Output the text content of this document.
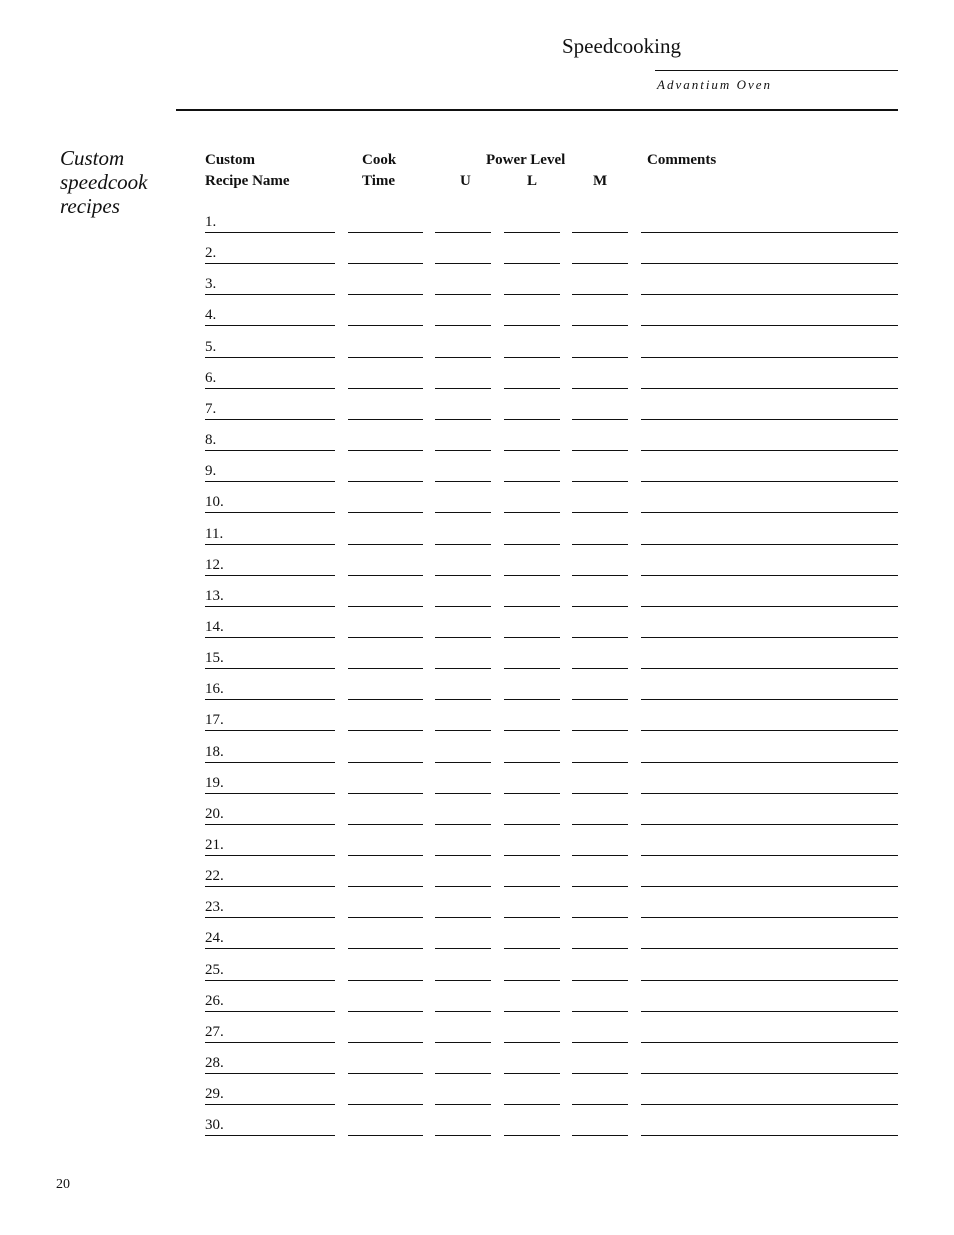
Speedcooking
Advantium Oven
Custom
speedcook
recipes
Custom
Recipe Name
Cook
Time
Power Level
U	L	M
Comments
1.
2.
3.
4.
5.
6.
7.
8.
9.
10.
11.
12.
13.
14.
15.
16.
17.
18.
19.
20.
21.
22.
23.
24.
25.
26.
27.
28.
29.
30.
20
